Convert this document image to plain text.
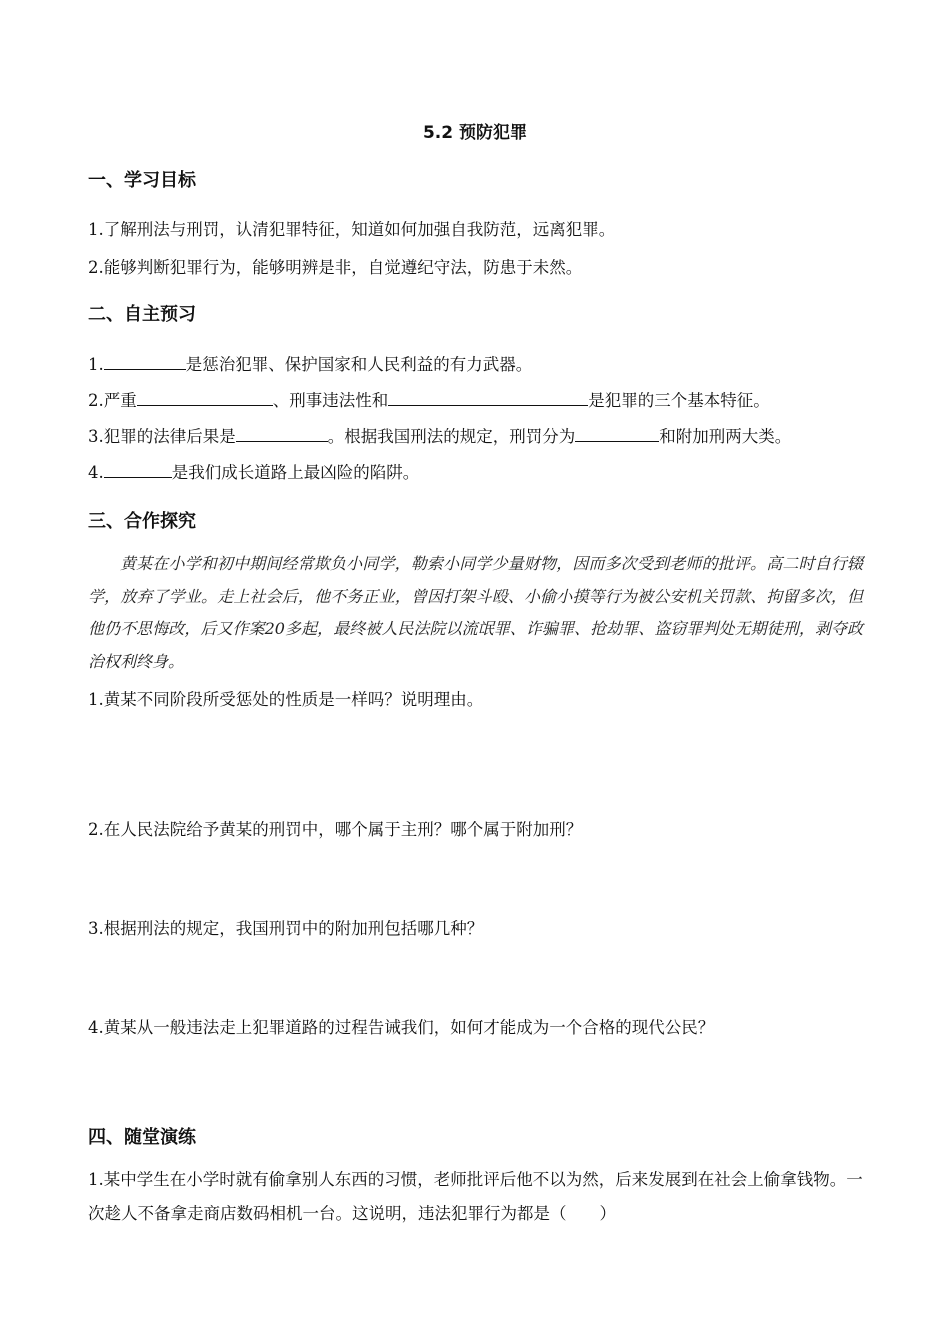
5.2 预防犯罪
一、学习目标
1.了解刑法与刑罚，认清犯罪特征，知道如何加强自我防范，远离犯罪。
2.能够判断犯罪行为，能够明辨是非，自觉遵纪守法，防患于未然。
二、自主预习
1.	是惩治犯罪、保护国家和人民利益的有力武器。
2.严重	、刑事违法性和	是犯罪的三个基本特征。
3.犯罪的法律后果是	。根据我国刑法的规定，刑罚分为	和附加刑两大类。
4.	是我们成长道路上最凶险的陷阱。
三、合作探究
黄某在小学和初中期间经常欺负小同学，勒索小同学少量财物，因而多次受到老师的批评。高二时自行辍学，放弃了学业。走上社会后，他不务正业，曾因打架斗殴、小偷小摸等行为被公安机关罚款、拘留多次，但他仍不思悔改，后又作案20多起，最终被人民法院以流氓罪、诈骗罪、抢劫罪、盗窃罪判处无期徒刑，剥夺政治权利终身。
1.黄某不同阶段所受惩处的性质是一样吗？说明理由。
2.在人民法院给予黄某的刑罚中，哪个属于主刑？哪个属于附加刑？
3.根据刑法的规定，我国刑罚中的附加刑包括哪几种？
4.黄某从一般违法走上犯罪道路的过程告诫我们，如何才能成为一个合格的现代公民？
四、随堂演练
1.某中学生在小学时就有偷拿别人东西的习惯，老师批评后他不以为然，后来发展到在社会上偷拿钱物。一次趁人不备拿走商店数码相机一台。这说明，违法犯罪行为都是（　　）
